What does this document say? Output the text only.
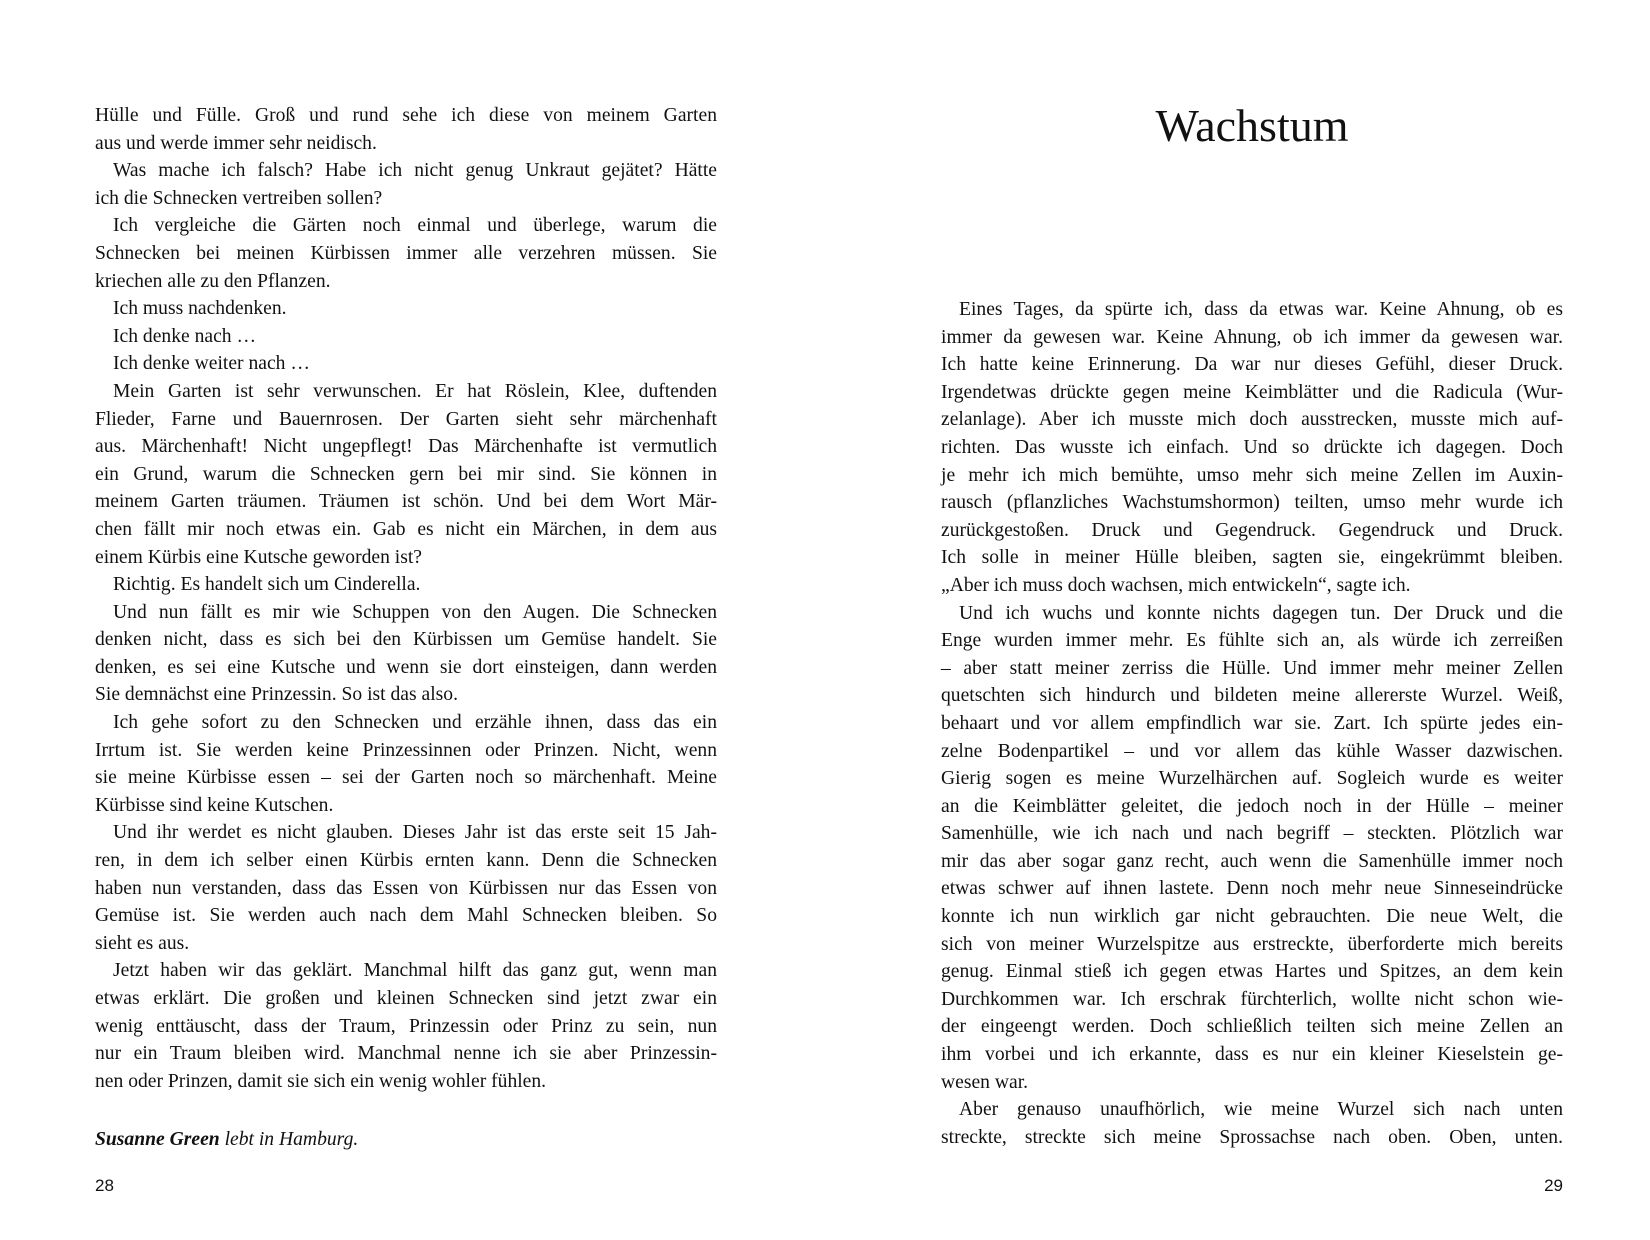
Hülle und Fülle. Groß und rund sehe ich diese von meinem Garten
aus und werde immer sehr neidisch.
Was mache ich falsch? Habe ich nicht genug Unkraut gejätet? Hätte
ich die Schnecken vertreiben sollen?
Ich vergleiche die Gärten noch einmal und überlege, warum die
Schnecken bei meinen Kürbissen immer alle verzehren müssen. Sie
kriechen alle zu den Pflanzen.
Ich muss nachdenken.
Ich denke nach …
Ich denke weiter nach …
Mein Garten ist sehr verwunschen. Er hat Röslein, Klee, duftenden
Flieder, Farne und Bauernrosen. Der Garten sieht sehr märchenhaft
aus. Märchenhaft! Nicht ungepflegt! Das Märchenhafte ist vermutlich
ein Grund, warum die Schnecken gern bei mir sind. Sie können in
meinem Garten träumen. Träumen ist schön. Und bei dem Wort Mär-
chen fällt mir noch etwas ein. Gab es nicht ein Märchen, in dem aus
einem Kürbis eine Kutsche geworden ist?
Richtig. Es handelt sich um Cinderella.
Und nun fällt es mir wie Schuppen von den Augen. Die Schnecken
denken nicht, dass es sich bei den Kürbissen um Gemüse handelt. Sie
denken, es sei eine Kutsche und wenn sie dort einsteigen, dann werden
Sie demnächst eine Prinzessin. So ist das also.
Ich gehe sofort zu den Schnecken und erzähle ihnen, dass das ein
Irrtum ist. Sie werden keine Prinzessinnen oder Prinzen. Nicht, wenn
sie meine Kürbisse essen – sei der Garten noch so märchenhaft. Meine
Kürbisse sind keine Kutschen.
Und ihr werdet es nicht glauben. Dieses Jahr ist das erste seit 15 Jah-
ren, in dem ich selber einen Kürbis ernten kann. Denn die Schnecken
haben nun verstanden, dass das Essen von Kürbissen nur das Essen von
Gemüse ist. Sie werden auch nach dem Mahl Schnecken bleiben. So
sieht es aus.
Jetzt haben wir das geklärt. Manchmal hilft das ganz gut, wenn man
etwas erklärt. Die großen und kleinen Schnecken sind jetzt zwar ein
wenig enttäuscht, dass der Traum, Prinzessin oder Prinz zu sein, nun
nur ein Traum bleiben wird. Manchmal nenne ich sie aber Prinzessin-
nen oder Prinzen, damit sie sich ein wenig wohler fühlen.
Susanne Green lebt in Hamburg.
28
Wachstum
Eines Tages, da spürte ich, dass da etwas war. Keine Ahnung, ob es
immer da gewesen war. Keine Ahnung, ob ich immer da gewesen war.
Ich hatte keine Erinnerung. Da war nur dieses Gefühl, dieser Druck.
Irgendetwas drückte gegen meine Keimblätter und die Radicula (Wur-
zelanlage). Aber ich musste mich doch ausstrecken, musste mich auf-
richten. Das wusste ich einfach. Und so drückte ich dagegen. Doch
je mehr ich mich bemühte, umso mehr sich meine Zellen im Auxin-
rausch (pflanzliches Wachstumshormon) teilten, umso mehr wurde ich
zurückgestoßen. Druck und Gegendruck. Gegendruck und Druck.
Ich solle in meiner Hülle bleiben, sagten sie, eingekrümmt bleiben.
„Aber ich muss doch wachsen, mich entwickeln“, sagte ich.
Und ich wuchs und konnte nichts dagegen tun. Der Druck und die
Enge wurden immer mehr. Es fühlte sich an, als würde ich zerreißen
– aber statt meiner zerriss die Hülle. Und immer mehr meiner Zellen
quetschten sich hindurch und bildeten meine allererste Wurzel. Weiß,
behaart und vor allem empfindlich war sie. Zart. Ich spürte jedes ein-
zelne Bodenpartikel – und vor allem das kühle Wasser dazwischen.
Gierig sogen es meine Wurzelhärchen auf. Sogleich wurde es weiter
an die Keimblätter geleitet, die jedoch noch in der Hülle – meiner
Samenhülle, wie ich nach und nach begriff – steckten. Plötzlich war
mir das aber sogar ganz recht, auch wenn die Samenhülle immer noch
etwas schwer auf ihnen lastete. Denn noch mehr neue Sinneseindrücke
konnte ich nun wirklich gar nicht gebrauchten. Die neue Welt, die
sich von meiner Wurzelspitze aus erstreckte, überforderte mich bereits
genug. Einmal stieß ich gegen etwas Hartes und Spitzes, an dem kein
Durchkommen war. Ich erschrak fürchterlich, wollte nicht schon wie-
der eingeengt werden. Doch schließlich teilten sich meine Zellen an
ihm vorbei und ich erkannte, dass es nur ein kleiner Kieselstein ge-
wesen war.
Aber genauso unaufhörlich, wie meine Wurzel sich nach unten
streckte, streckte sich meine Sprossachse nach oben. Oben, unten.
29
